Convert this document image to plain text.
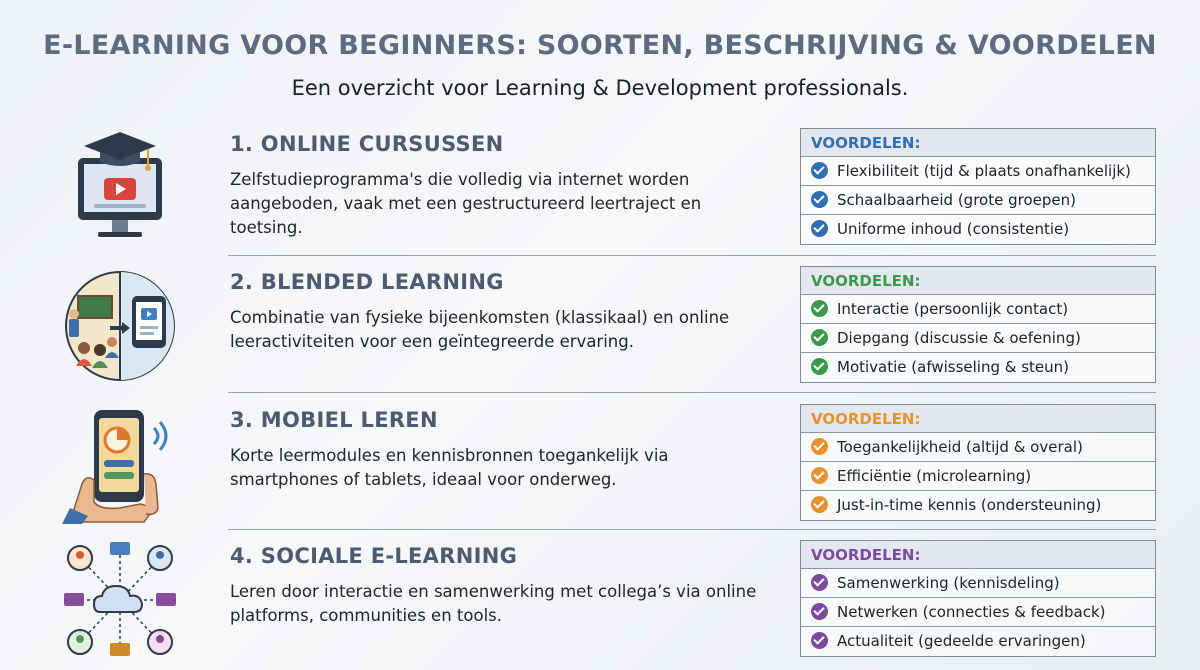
E-LEARNING VOOR BEGINNERS: SOORTEN, BESCHRIJVING & VOORDELEN
Een overzicht voor Learning & Development professionals.
1. ONLINE CURSUSSEN
Zelfstudieprogramma's die volledig via internet worden aangeboden, vaak met een gestructureerd leertraject en toetsing.
VOORDELEN:
Flexibiliteit (tijd & plaats onafhankelijk)
Schaalbaarheid (grote groepen)
Uniforme inhoud (consistentie)
2. BLENDED LEARNING
Combinatie van fysieke bijeenkomsten (klassikaal) en online leeractiviteiten voor een geïntegreerde ervaring.
VOORDELEN:
Interactie (persoonlijk contact)
Diepgang (discussie & oefening)
Motivatie (afwisseling & steun)
3. MOBIEL LEREN
Korte leermodules en kennisbronnen toegankelijk via smartphones of tablets, ideaal voor onderweg.
VOORDELEN:
Toegankelijkheid (altijd & overal)
Efficiëntie (microlearning)
Just-in-time kennis (ondersteuning)
4. SOCIALE E-LEARNING
Leren door interactie en samenwerking met collega’s via online platforms, communities en tools.
VOORDELEN:
Samenwerking (kennisdeling)
Netwerken (connecties & feedback)
Actualiteit (gedeelde ervaringen)
